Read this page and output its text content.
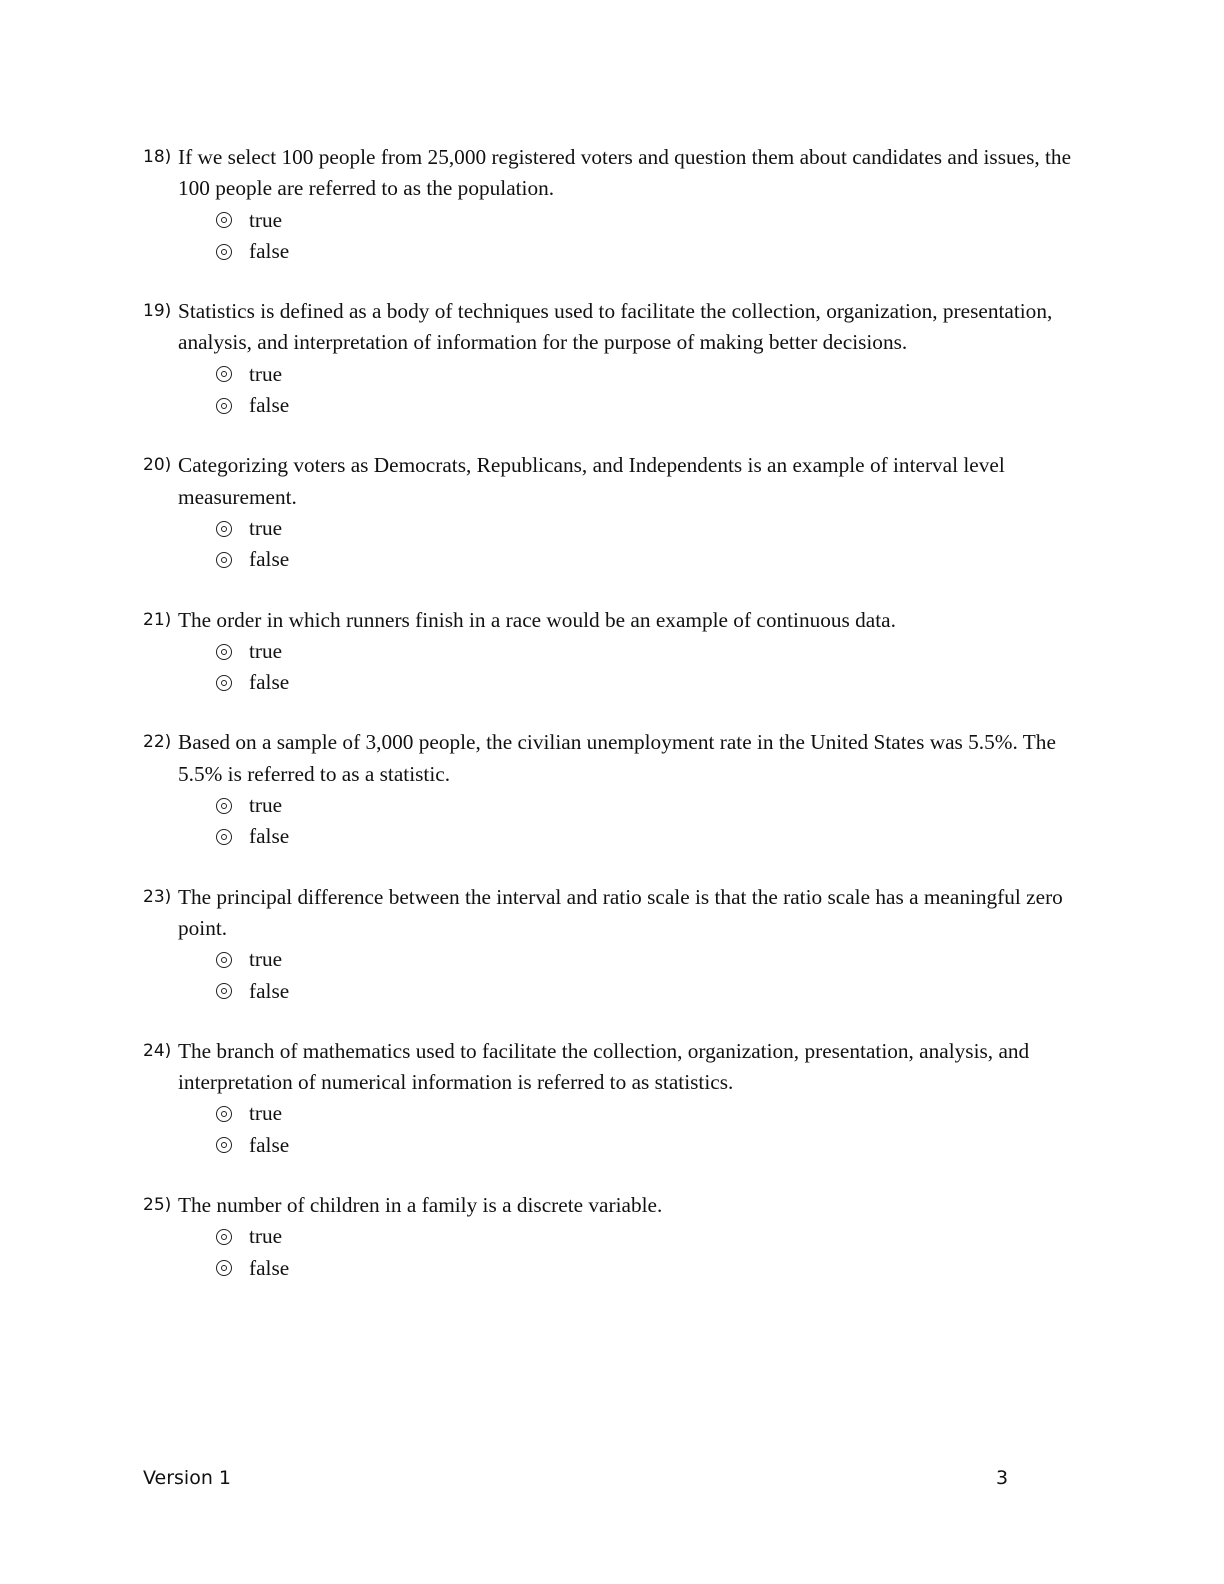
18) If we select 100 people from 25,000 registered voters and question them about candidates and issues, the 100 people are referred to as the population.
true
false
19) Statistics is defined as a body of techniques used to facilitate the collection, organization, presentation, analysis, and interpretation of information for the purpose of making better decisions.
true
false
20) Categorizing voters as Democrats, Republicans, and Independents is an example of interval level measurement.
true
false
21) The order in which runners finish in a race would be an example of continuous data.
true
false
22) Based on a sample of 3,000 people, the civilian unemployment rate in the United States was 5.5%. The 5.5% is referred to as a statistic.
true
false
23) The principal difference between the interval and ratio scale is that the ratio scale has a meaningful zero point.
true
false
24) The branch of mathematics used to facilitate the collection, organization, presentation, analysis, and interpretation of numerical information is referred to as statistics.
true
false
25) The number of children in a family is a discrete variable.
true
false
Version 1	3
